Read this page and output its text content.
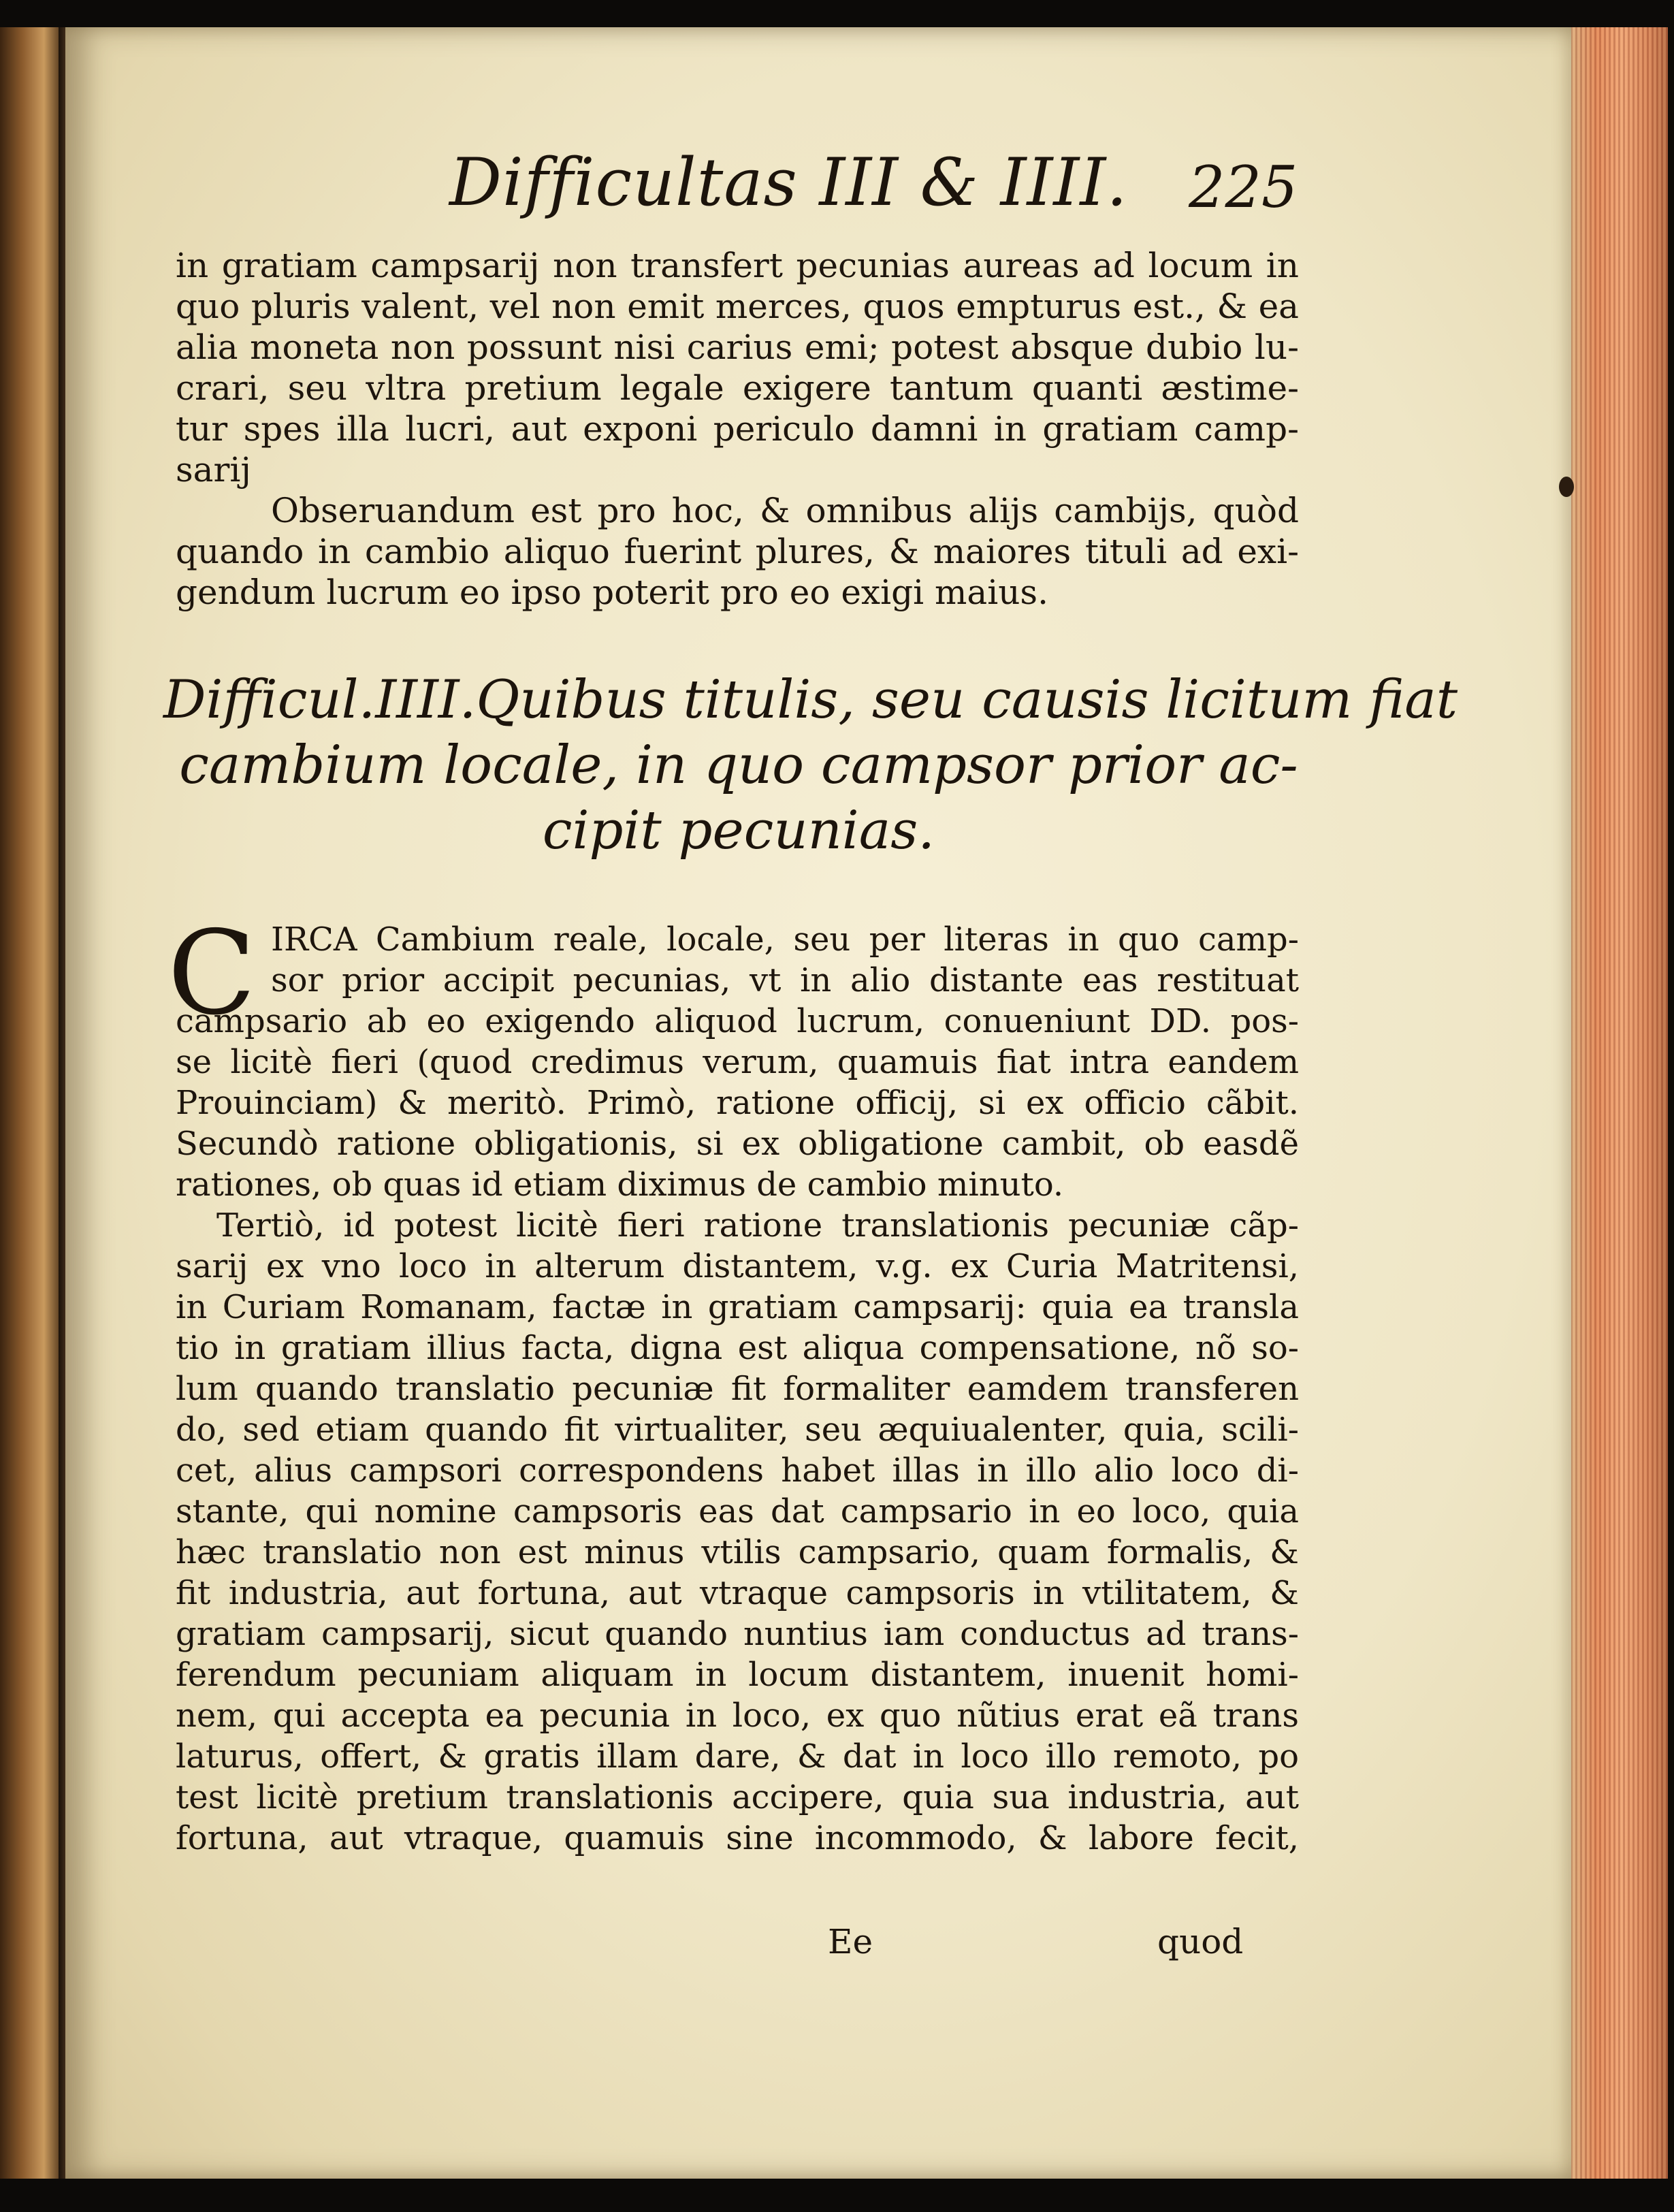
Difficultas III & IIII.	225
in gratiam campsarij non transfert pecunias aureas ad locum in
quo pluris valent, vel non emit merces, quos empturus est., & ea
alia moneta non possunt nisi carius emi; potest absque dubio lu-
crari, seu vltra pretium legale exigere tantum quanti æstime-
tur spes illa lucri, aut exponi periculo damni in gratiam camp-
sarij
Obseruandum est pro hoc, & omnibus alijs cambijs, quòd
quando in cambio aliquo fuerint plures, & maiores tituli ad exi-
gendum lucrum eo ipso poterit pro eo exigi maius.
Difficul.IIII.Quibus titulis, seu causis licitum fiat
cambium locale, in quo campsor prior ac-
cipit pecunias.
C IRCA Cambium reale, locale, seu per literas in quo camp-
sor prior accipit pecunias, vt in alio distante eas restituat
campsario ab eo exigendo aliquod lucrum, conueniunt DD. pos-
se licitè fieri (quod credimus verum, quamuis fiat intra eandem
Prouinciam) & meritò. Primò, ratione officij, si ex officio cãbit.
Secundò ratione obligationis, si ex obligatione cambit, ob easdẽ
rationes, ob quas id etiam diximus de cambio minuto.
Tertiò, id potest licitè fieri ratione translationis pecuniæ cãp-
sarij ex vno loco in alterum distantem, v.g. ex Curia Matritensi,
in Curiam Romanam, factæ in gratiam campsarij: quia ea transla
tio in gratiam illius facta, digna est aliqua compensatione, nõ so-
lum quando translatio pecuniæ fit formaliter eamdem transferen
do, sed etiam quando fit virtualiter, seu æquiualenter, quia, scili-
cet, alius campsori correspondens habet illas in illo alio loco di-
stante, qui nomine campsoris eas dat campsario in eo loco, quia
hæc translatio non est minus vtilis campsario, quam formalis, &
fit industria, aut fortuna, aut vtraque campsoris in vtilitatem, &
gratiam campsarij, sicut quando nuntius iam conductus ad trans-
ferendum pecuniam aliquam in locum distantem, inuenit homi-
nem, qui accepta ea pecunia in loco, ex quo nũtius erat eã trans
laturus, offert, & gratis illam dare, & dat in loco illo remoto, po
test licitè pretium translationis accipere, quia sua industria, aut
fortuna, aut vtraque, quamuis sine incommodo, & labore fecit,
Ee	quod
